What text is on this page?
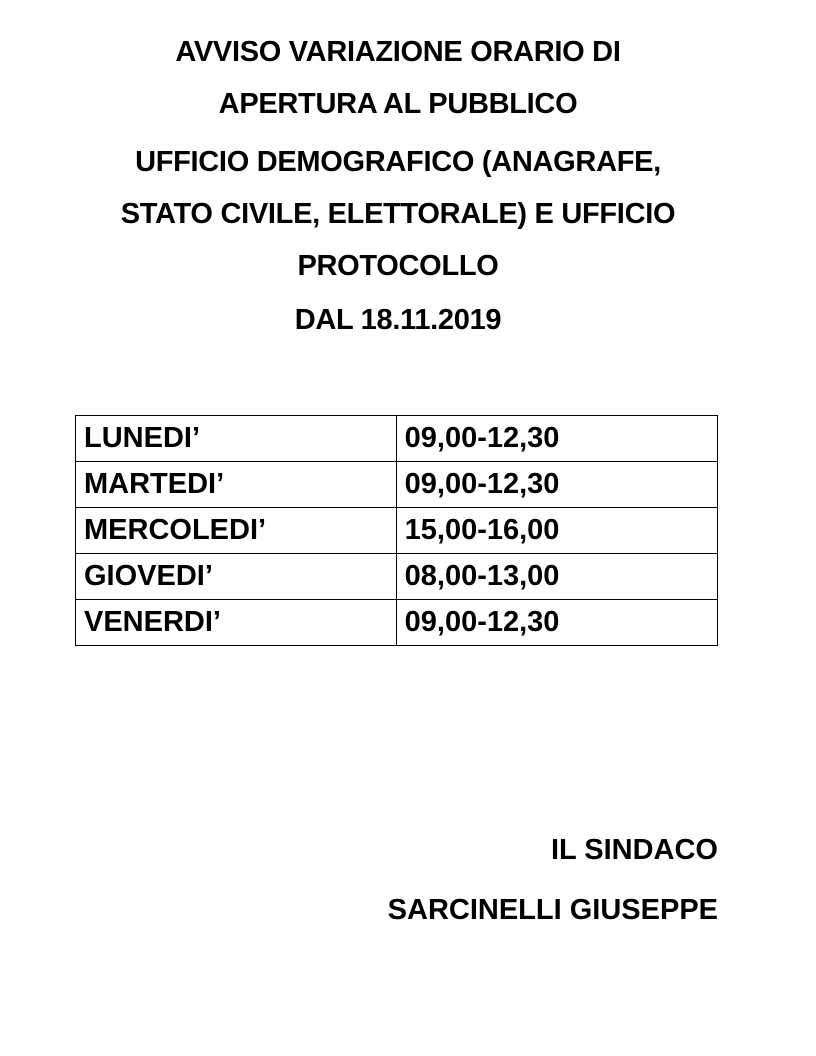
AVVISO VARIAZIONE ORARIO DI
APERTURA AL PUBBLICO
UFFICIO DEMOGRAFICO (ANAGRAFE,
STATO CIVILE, ELETTORALE) E UFFICIO
PROTOCOLLO
DAL 18.11.2019
LUNEDI’	09,00-12,30
MARTEDI’	09,00-12,30
MERCOLEDI’	15,00-16,00
GIOVEDI’	08,00-13,00
VENERDI’	09,00-12,30
IL SINDACO
SARCINELLI GIUSEPPE
